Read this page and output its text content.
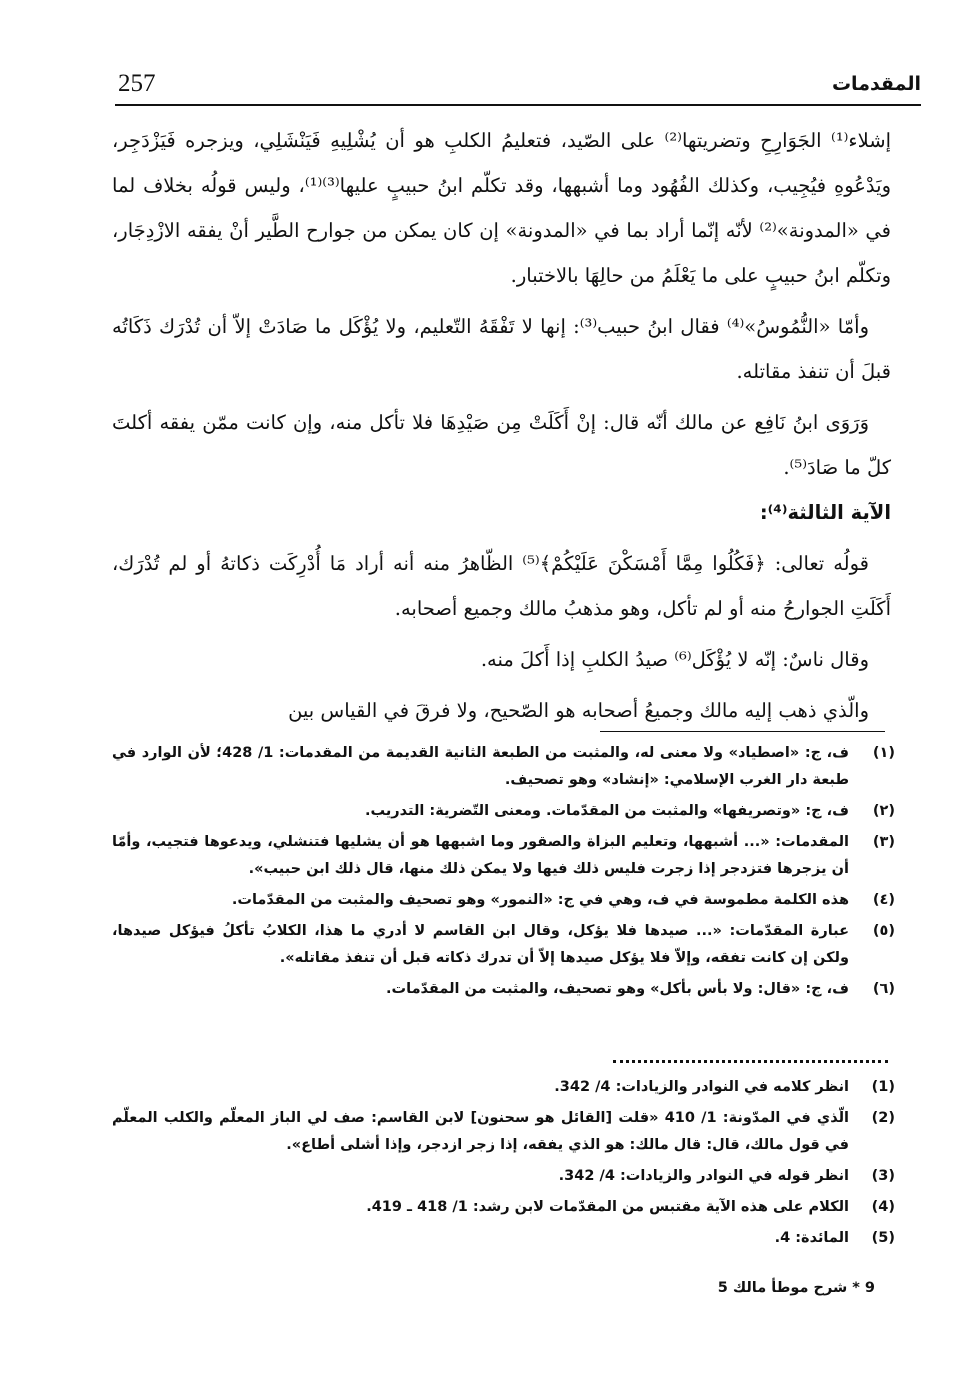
257	المقدمات

إشلاء⁽¹⁾ الجَوَارِحِ وتضريتها⁽²⁾ على الصّيد، فتعليمُ الكلبِ هو أن يُشْلِيهِ فَيَنْشَلِي، ويزجره فَيَزْدَجِر، ويَدْعُوهِ فيُجِيب، وكذلك الفُهُود وما أشبهها، وقد تكلّم ابنُ حبيبٍ عليها⁽³⁾⁽¹⁾، وليس قولُه بخلاف لما في «المدونة»⁽²⁾ لأنّه إنّما أراد بما في «المدونة» إن كان يمكن من جوارح الطَّير أنْ يفقه الازْدِجَار، وتكلّم ابنُ حبيبٍ على ما يَعْلَمُ من حالِهَا بالاختبار.

وأمّا «النُّمُوسُ»⁽⁴⁾ فقال ابنُ حبيب⁽³⁾: إنها لا تَفْقَهُ التّعليم، ولا يُؤْكَل ما صَادَتْ إلاّ أن تُدْرَك ذَكَاتُه قبلَ أن تنفذ مقاتله.

وَرَوَى ابنُ نَافِع عن مالك أنّه قال: إنْ أَكَلَتْ مِن صَيْدِهَا فلا تأكل منه، وإن كانت ممّن يفقه أكلتَ كلّ ما صَادَ⁽⁵⁾.

الآية الثالثة⁽⁴⁾:

قولُه تعالى: ﴿فَكُلُوا مِمَّا أَمْسَكْنَ عَلَيْكُمْ﴾⁽⁵⁾ الظّاهرُ منه أنه أراد مَا أُدْرِكَت ذكاتهُ أو لم تُدْرَك، أَكَلَتِ الجوارحُ منه أو لم تأكل، وهو مذهبُ مالك وجميع أصحابه.

وقال ناسٌ: إنّه لا يُؤْكَل⁽⁶⁾ صيدُ الكلبِ إذا أَكلَ منه.

والّذي ذهب إليه مالك وجميعُ أصحابه هو الصّحيح، ولا فرقَ في القياس بين

(١)
ف، ج: «اصطياد» ولا معنى له، والمثبت من الطبعة الثانية القديمة من المقدمات: 1/ 428؛ لأن الوارد في طبعة دار الغرب الإسلامي: «إنشاد» وهو تصحيف.
(٢)
ف، ج: «وتصريفها» والمثبت من المقدّمات. ومعنى التّضرية: التدريب.
(٣)
المقدمات: «... أشبهها، وتعليم البزاة والصقور وما اشبهها هو أن يشليها فتنشلي، ويدعوها فتجيب، وأمّا أن يزجرها فتزدجر إذا زجرت فليس ذلك فيها ولا يمكن ذلك منها، قال ذلك ابن حبيب».
(٤)
هذه الكلمة مطموسة في ف، وهي في ج: «النمور» وهو تصحيف والمثبت من المقدّمات.
(٥)
عبارة المقدّمات: «... صيدها فلا يؤكل، وقال ابن القاسم لا أدري ما هذا، الكلابُ تأكلُ فيؤكل صيدها، ولكن إن كانت تفقه، وإلاّ فلا يؤكل صيدها إلاّ أن تدرك ذكاته قبل أن تنفذ مقاتله».
(٦)
ف، ج: «قال: ولا بأس بأكل» وهو تصحيف، والمثبت من المقدّمات.
(1)
انظر كلامه في النوادر والزيادات: 4/ 342.
(2)
الّذي في المدّونة: 1/ 410 «قلت [القائل هو سحنون] لابن القاسم: صف لي الباز المعلّم والكلب المعلّم في قول مالك، قال: قال مالك: هو الذي يفقه، إذا زجر ازدجر، وإذا أشلى أطاع».
(3)
انظر قوله في النوادر والزيادات: 4/ 342.
(4)
الكلام على هذه الآية مقتبس من المقدّمات لابن رشد: 1/ 418 ـ 419.
(5)
المائدة: 4.
9 * شرح موطأ مالك 5
